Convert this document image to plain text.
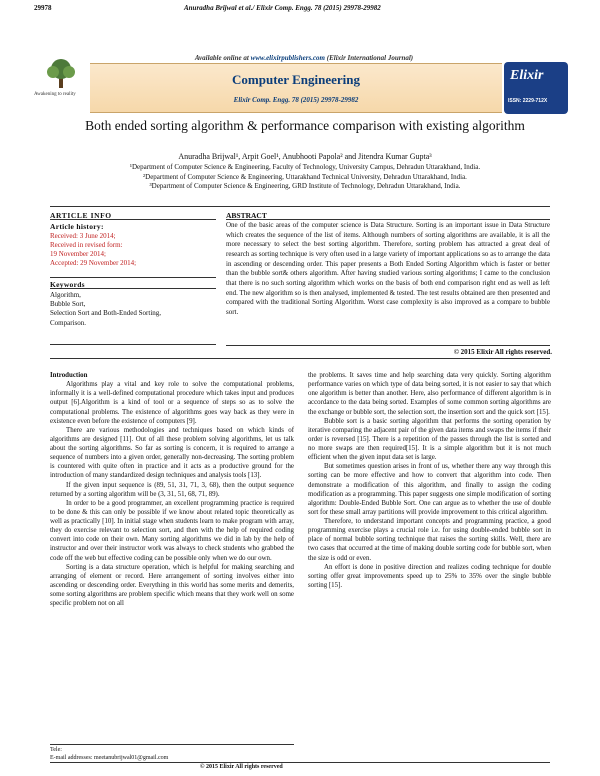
29978	Anuradha Brijwal et al./ Elixir Comp. Engg. 78 (2015) 29978-29982
Awakening to reality
Available online at www.elixirpublishers.com (Elixir International Journal)
Computer Engineering
Elixir Comp. Engg. 78 (2015) 29978-29982
Elixir
ISSN: 2229-712X
Both ended sorting algorithm & performance comparison with existing algorithm
Anuradha Brijwal¹, Arpit Goel¹, Anubhooti Papola² and Jitendra Kumar Gupta³
¹Department of Computer Science & Engineering, Faculty of Technology, University Campus, Dehradun Uttarakhand, India.
²Department of Computer Science & Engineering, Uttarakhand Technical University, Dehradun Uttarakhand, India.
³Department of Computer Science & Engineering, GRD Institute of Technology, Dehradun Uttarakhand, India.
ARTICLE INFO
Article history:
Received: 3 June 2014;
Received in revised form:
19 November 2014;
Accepted: 29 November 2014;
Keywords
Algorithm,
Bubble Sort,
Selection Sort and Both-Ended Sorting,
Comparison.
ABSTRACT
One of the basic areas of the computer science is Data Structure. Sorting is an important issue in Data Structure which creates the sequence of the list of items. Although numbers of sorting algorithms are available, it is all the more necessary to select the best sorting algorithm. Therefore, sorting problem has attracted a great deal of research as sorting technique is very often used in a large variety of important applications so as to arrange the data in ascending or descending order. This paper presents a Both Ended Sorting Algorithm which is faster or better than the bubble sort& others algorithm. After having studied various sorting algorithms; I came to the conclusion that there is no such sorting algorithm which works on the basis of both end comparison right end as well as left end. The new algorithm so is then analysed, implemented & tested. The test results obtained are then presented and compared with the traditional Sorting Algorithm. Worst case complexity is also improved as a compare to bubble sort.
© 2015 Elixir All rights reserved.

Introduction

Algorithms play a vital and key role to solve the computational problems, informally it is a well-defined computational procedure which takes input and produces output [6].Algorithm is a kind of tool or a sequence of steps so as to solve the computational problems. The existence of algorithms goes way back as they were in existence even before the existence of computers [9].

There are various methodologies and techniques based on which kinds of algorithms are designed [11]. Out of all these problem solving algorithms, let us talk about the sorting algorithms. So far as sorting is concern, it is required to arrange a sequence of numbers into a given order, generally non-decreasing. The sorting problem is countered with quite often in practice and it acts as a productive ground for the introduction of many standardized design techniques and analysis tools [13].

If the given input sequence is (89, 51, 31, 71, 3, 68), then the output sequence returned by a sorting algorithm will be (3, 31, 51, 68, 71, 89).

In order to be a good programmer, an excellent programming practice is required to be done & this can only be possible if we know about related topic theoretically as well as practically [10]. In initial stage when students learn to make program with array, they do exercise relevant to selection sort, and then with the help of required coding convert into code on their own. Many sorting algorithms we did in lab by the help of instructor and over their instructor work was always to check students who grabbed the code off the web but effective coding can be possible only when we do our own.

Sorting is a data structure operation, which is helpful for making searching and arranging of element or record. Here arrangement of sorting involves either into ascending or descending order. Everything in this world has some merits and demerits, some sorting algorithms are problem specific which means that they work well on some specific problem not on all

the problems. It saves time and help searching data very quickly. Sorting algorithm performance varies on which type of data being sorted, it is not easier to say that which one algorithm is better than another. Here, also performance of different algorithm is in accordance to the data being sorted. Examples of some common sorting algorithms are the exchange or bubble sort, the selection sort, the insertion sort and the quick sort [15].

Bubble sort is a basic sorting algorithm that performs the sorting operation by iterative comparing the adjacent pair of the given data items and swaps the items if their order is reversed [15]. There is a repetition of the passes through the list is sorted and no more swaps are then required[15]. It is a simple algorithm but it is not much efficient when the given input data set is large.

But sometimes question arises in front of us, whether there any way through this sorting can be more effective and how to convert that algorithm into code. Then demonstrate a modification of this algorithm, and finally to assign the coding modification as a programming. This paper suggests one simple modification of sorting algorithm: Double-Ended Bubble Sort. One can argue as to whether the use of double sort for these small array partitions will provide improvement to this critical algorithm.

Therefore, to understand important concepts and programming practice, a good programming exercise plays a crucial role i.e. for using double-ended bubble sort in place of normal bubble sorting technique that raises the sorting skills. Well, there are two cases that occurred at the time of making double sorting code for bubble sort, when the size is odd or even.

An effort is done in positive direction and realizes coding technique for double sorting offer great improvements speed up to 25% to 35% over the single bubble sorting [15].

Tele:
E-mail addresses: meetanubrijwal01@gmail.com
© 2015 Elixir All rights reserved
